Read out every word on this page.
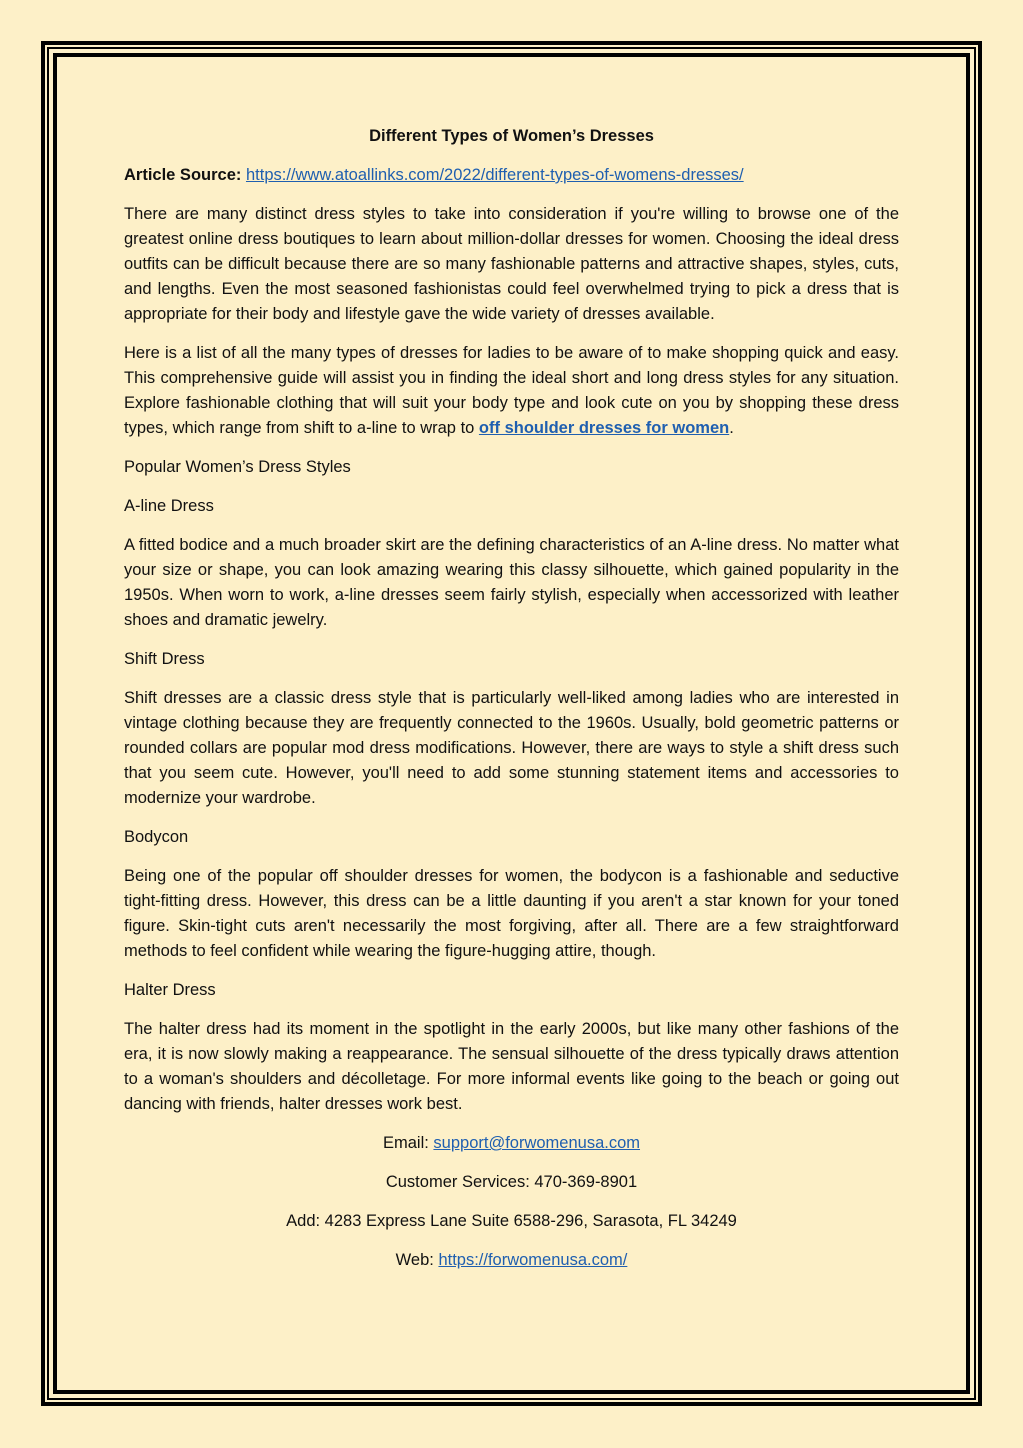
Different Types of Women’s Dresses

Article Source: https://www.atoallinks.com/2022/different-types-of-womens-dresses/

There are many distinct dress styles to take into consideration if you're willing to browse one of the greatest online dress boutiques to learn about million-dollar dresses for women. Choosing the ideal dress outfits can be difficult because there are so many fashionable patterns and attractive shapes, styles, cuts, and lengths. Even the most seasoned fashionistas could feel overwhelmed trying to pick a dress that is appropriate for their body and lifestyle gave the wide variety of dresses available.

Here is a list of all the many types of dresses for ladies to be aware of to make shopping quick and easy. This comprehensive guide will assist you in finding the ideal short and long dress styles for any situation. Explore fashionable clothing that will suit your body type and look cute on you by shopping these dress types, which range from shift to a-line to wrap to off shoulder dresses for women.

Popular Women’s Dress Styles

A-line Dress

A fitted bodice and a much broader skirt are the defining characteristics of an A-line dress. No matter what your size or shape, you can look amazing wearing this classy silhouette, which gained popularity in the 1950s. When worn to work, a-line dresses seem fairly stylish, especially when accessorized with leather shoes and dramatic jewelry.

Shift Dress

Shift dresses are a classic dress style that is particularly well-liked among ladies who are interested in vintage clothing because they are frequently connected to the 1960s. Usually, bold geometric patterns or rounded collars are popular mod dress modifications. However, there are ways to style a shift dress such that you seem cute. However, you'll need to add some stunning statement items and accessories to modernize your wardrobe.

Bodycon

Being one of the popular off shoulder dresses for women, the bodycon is a fashionable and seductive tight-fitting dress. However, this dress can be a little daunting if you aren't a star known for your toned figure. Skin-tight cuts aren't necessarily the most forgiving, after all. There are a few straightforward methods to feel confident while wearing the figure-hugging attire, though.

Halter Dress

The halter dress had its moment in the spotlight in the early 2000s, but like many other fashions of the era, it is now slowly making a reappearance. The sensual silhouette of the dress typically draws attention to a woman's shoulders and décolletage. For more informal events like going to the beach or going out dancing with friends, halter dresses work best.

Email: support@forwomenusa.com

Customer Services: 470-369-8901

Add: 4283 Express Lane Suite 6588-296, Sarasota, FL 34249

Web: https://forwomenusa.com/
